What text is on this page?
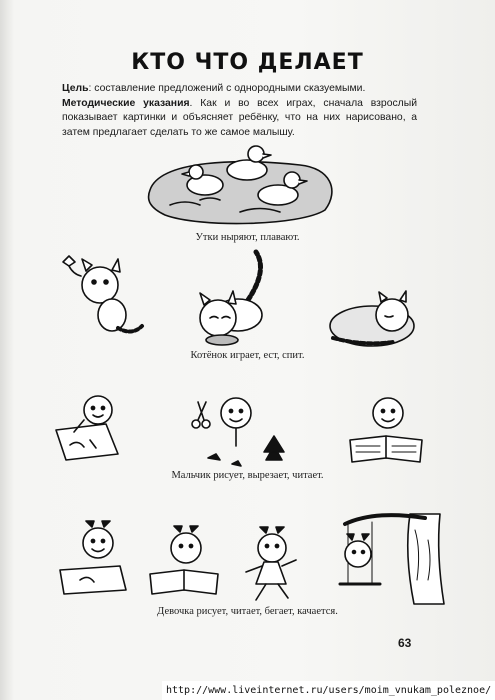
КТО ЧТО ДЕЛАЕТ
Цель: составление предложений с однородными сказуемыми.
Методические указания. Как и во всех играх, сначала взрослый показывает картинки и объясняет ребёнку, что на них нарисовано, а затем предлагает сделать то же самое малышу.
Утки ныряют, плавают.
Котёнок играет, ест, спит.
Мальчик рисует, вырезает, читает.
Девочка рисует, читает, бегает, качается.
63
http://www.liveinternet.ru/users/moim_vnukam_poleznoe/
